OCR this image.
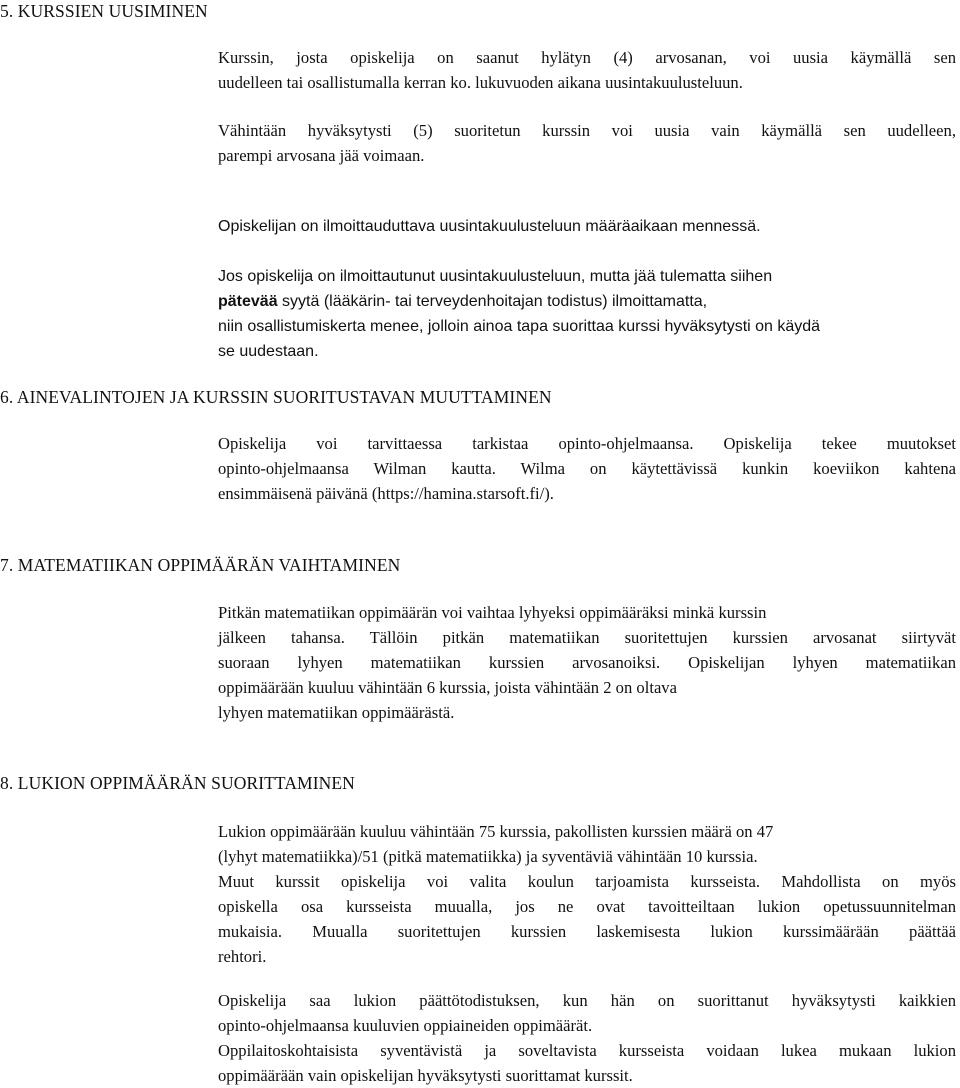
5. KURSSIEN UUSIMINEN
Kurssin, josta opiskelija on saanut hylätyn (4) arvosanan, voi uusia käymällä sen
uudelleen tai osallistumalla kerran ko. lukuvuoden aikana uusintakuulusteluun.
Vähintään hyväksytysti (5) suoritetun kurssin voi uusia vain käymällä sen uudelleen,
parempi arvosana jää voimaan.
Opiskelijan on ilmoittauduttava uusintakuulusteluun määräaikaan mennessä.
Jos opiskelija on ilmoittautunut uusintakuulusteluun, mutta jää tulematta siihen
pätevää syytä (lääkärin- tai terveydenhoitajan todistus) ilmoittamatta,
niin osallistumiskerta menee, jolloin ainoa tapa suorittaa kurssi hyväksytysti on käydä
se uudestaan.
6. AINEVALINTOJEN JA KURSSIN SUORITUSTAVAN MUUTTAMINEN
Opiskelija voi tarvittaessa tarkistaa opinto-ohjelmaansa. Opiskelija tekee muutokset
opinto-ohjelmaansa Wilman kautta. Wilma on käytettävissä kunkin koeviikon kahtena
ensimmäisenä päivänä (https://hamina.starsoft.fi/).
7. MATEMATIIKAN OPPIMÄÄRÄN VAIHTAMINEN
Pitkän matematiikan oppimäärän voi vaihtaa lyhyeksi oppimääräksi minkä kurssin
jälkeen tahansa. Tällöin pitkän matematiikan suoritettujen kurssien arvosanat siirtyvät
suoraan lyhyen matematiikan kurssien arvosanoiksi. Opiskelijan lyhyen matematiikan
oppimäärään kuuluu vähintään 6 kurssia, joista vähintään 2 on oltava
lyhyen matematiikan oppimäärästä.
8. LUKION OPPIMÄÄRÄN SUORITTAMINEN
Lukion oppimäärään kuuluu vähintään 75 kurssia, pakollisten kurssien määrä on 47
(lyhyt matematiikka)/51 (pitkä matematiikka) ja syventäviä vähintään 10 kurssia.
Muut kurssit opiskelija voi valita koulun tarjoamista kursseista. Mahdollista on myös
opiskella osa kursseista muualla, jos ne ovat tavoitteiltaan lukion opetussuunnitelman
mukaisia. Muualla suoritettujen kurssien laskemisesta lukion kurssimäärään päättää
rehtori.
Opiskelija saa lukion päättötodistuksen, kun hän on suorittanut hyväksytysti kaikkien
opinto-ohjelmaansa kuuluvien oppiaineiden oppimäärät.
Oppilaitoskohtaisista syventävistä ja soveltavista kursseista voidaan lukea mukaan lukion
oppimäärään vain opiskelijan hyväksytysti suorittamat kurssit.
